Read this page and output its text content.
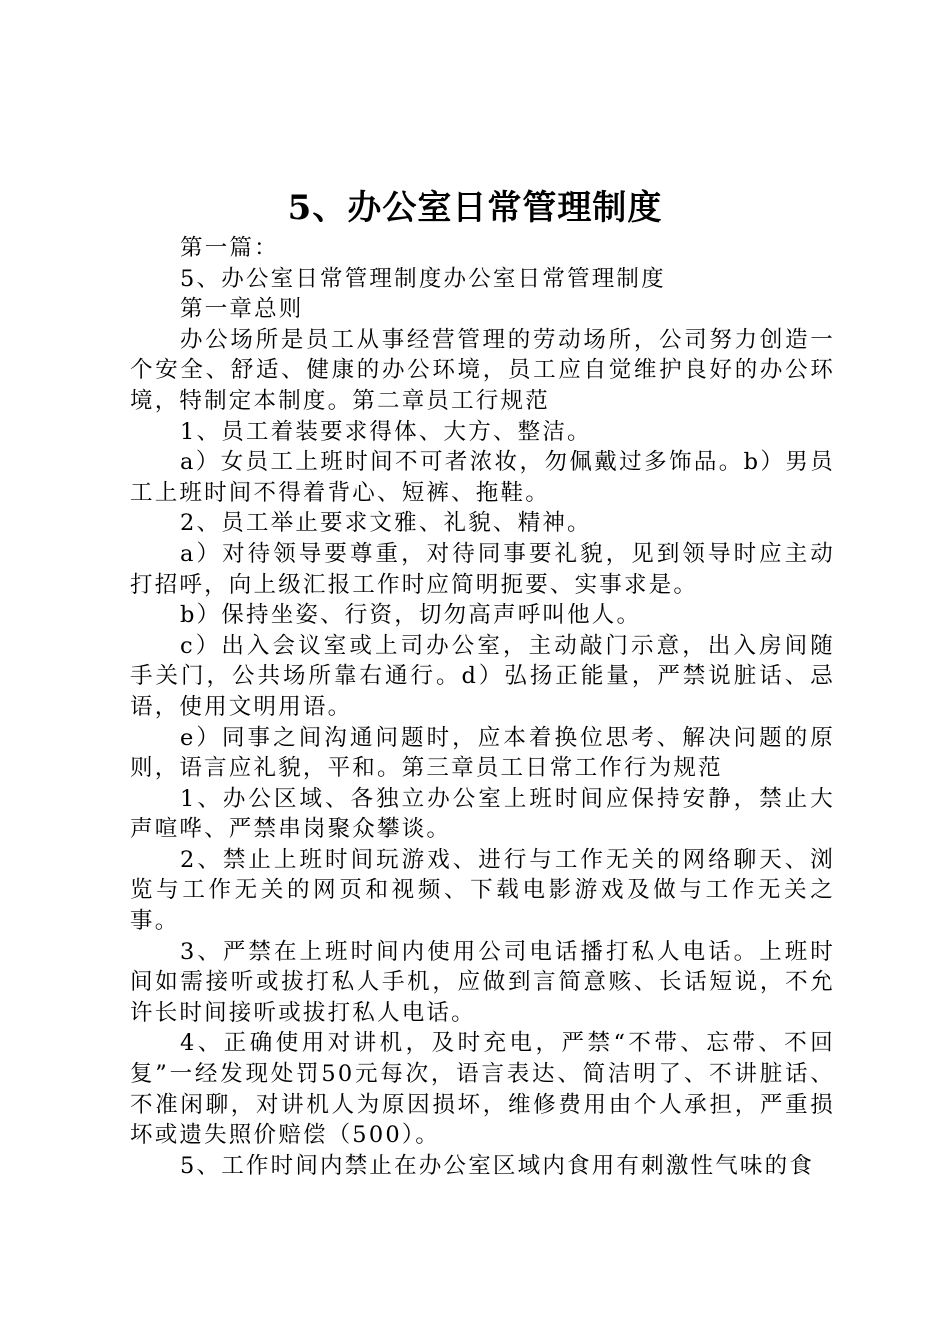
5、办公室日常管理制度

第一篇：

5、办公室日常管理制度办公室日常管理制度

第一章总则

办公场所是员工从事经营管理的劳动场所，公司努力创造一个安全、舒适、健康的办公环境，员工应自觉维护良好的办公环境，特制定本制度。第二章员工行规范

1、员工着装要求得体、大方、整洁。

a）女员工上班时间不可者浓妆，勿佩戴过多饰品。b）男员工上班时间不得着背心、短裤、拖鞋。

2、员工举止要求文雅、礼貌、精神。

a）对待领导要尊重，对待同事要礼貌，见到领导时应主动打招呼，向上级汇报工作时应简明扼要、实事求是。

b）保持坐姿、行资，切勿高声呼叫他人。

c）出入会议室或上司办公室，主动敲门示意，出入房间随手关门，公共场所靠右通行。d）弘扬正能量，严禁说脏话、忌语，使用文明用语。

e）同事之间沟通问题时，应本着换位思考、解决问题的原则，语言应礼貌，平和。第三章员工日常工作行为规范

1、办公区域、各独立办公室上班时间应保持安静，禁止大声喧哗、严禁串岗聚众攀谈。

2、禁止上班时间玩游戏、进行与工作无关的网络聊天、浏览与工作无关的网页和视频、下载电影游戏及做与工作无关之事。

3、严禁在上班时间内使用公司电话播打私人电话。上班时间如需接听或拔打私人手机，应做到言简意赅、长话短说，不允许长时间接听或拔打私人电话。

4、正确使用对讲机，及时充电，严禁“不带、忘带、不回复”一经发现处罚50元每次，语言表达、简洁明了、不讲脏话、不准闲聊，对讲机人为原因损坏，维修费用由个人承担，严重损坏或遗失照价赔偿（500）。

5、工作时间内禁止在办公室区域内食用有刺激性气味的食
